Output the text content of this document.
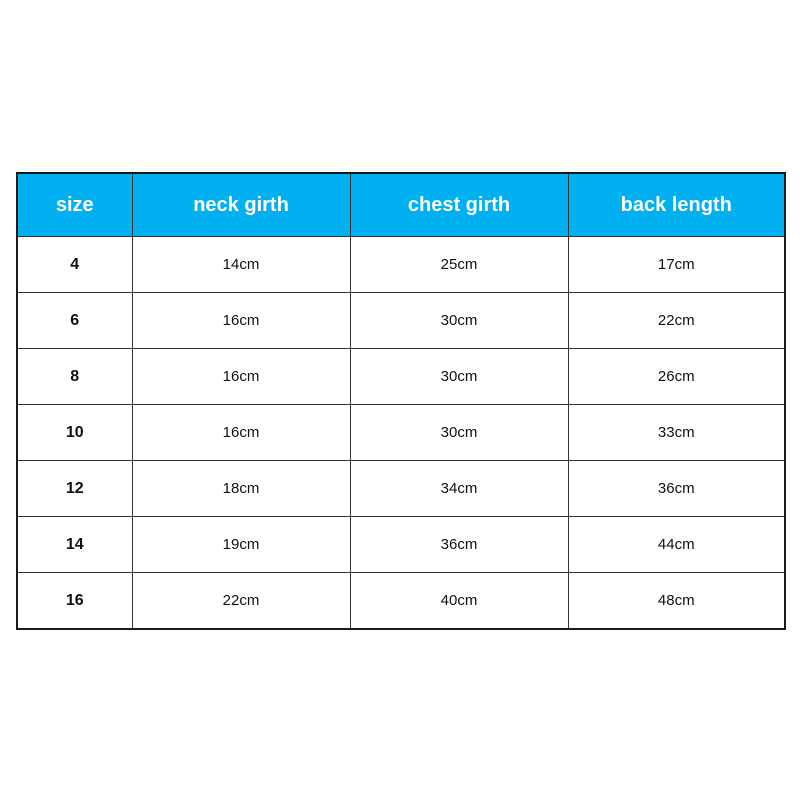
size	neck girth	chest girth	back length
4	14cm	25cm	17cm
6	16cm	30cm	22cm
8	16cm	30cm	26cm
10	16cm	30cm	33cm
12	18cm	34cm	36cm
14	19cm	36cm	44cm
16	22cm	40cm	48cm
